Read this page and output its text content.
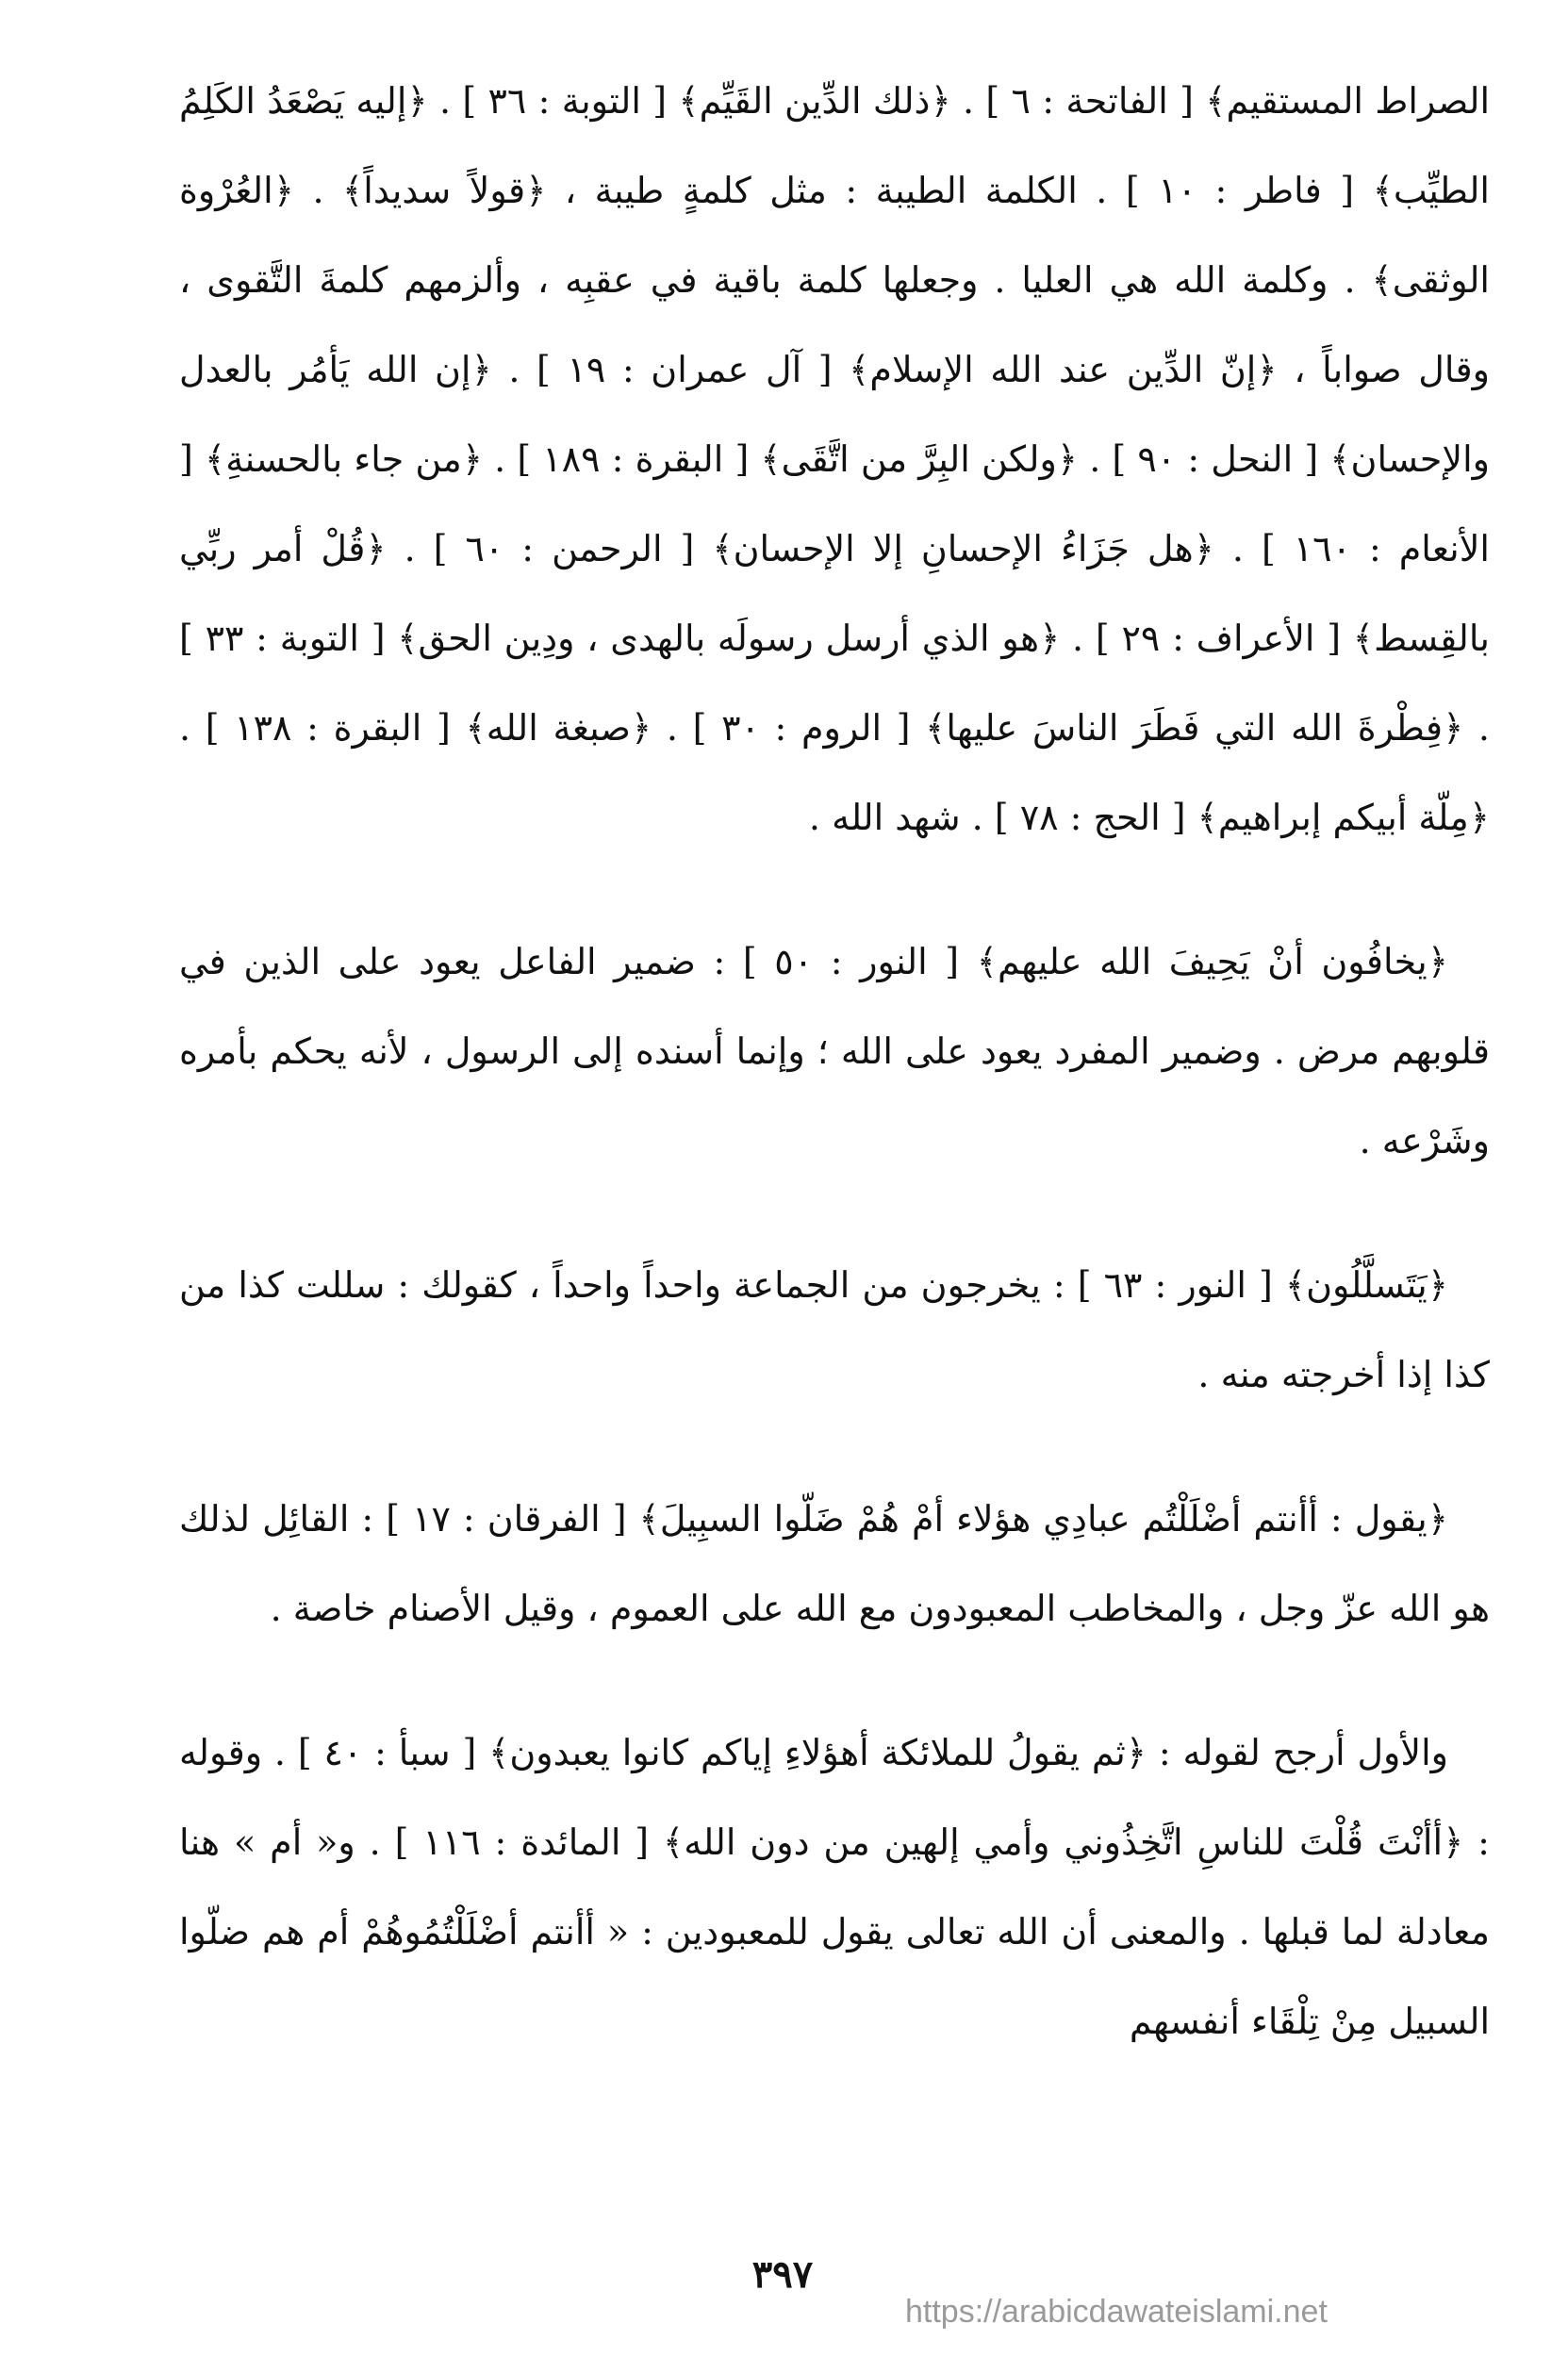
الصراط المستقيم﴾ [ الفاتحة : ٦ ] . ﴿ذلك الدِّين القَيِّم﴾ [ التوبة : ٣٦ ] . ﴿إليه يَصْعَدُ الكَلِمُ الطيِّب﴾ [ فاطر : ١٠ ] . الكلمة الطيبة : مثل كلمةٍ طيبة ، ﴿قولاً سديداً﴾ . ﴿العُرْوة الوثقى﴾ . وكلمة الله هي العليا . وجعلها كلمة باقية في عقبِه ، وألزمهم كلمةَ التَّقوى ، وقال صواباً ، ﴿إنّ الدِّين عند الله الإسلام﴾ [ آل عمران : ١٩ ] . ﴿إن الله يَأمُر بالعدل والإحسان﴾ [ النحل : ٩٠ ] . ﴿ولكن البِرَّ من اتَّقَى﴾ [ البقرة : ١٨٩ ] . ﴿من جاء بالحسنةِ﴾ [ الأنعام : ١٦٠ ] . ﴿هل جَزَاءُ الإحسانِ إلا الإحسان﴾ [ الرحمن : ٦٠ ] . ﴿قُلْ أمر ربِّي بالقِسط﴾ [ الأعراف : ٢٩ ] . ﴿هو الذي أرسل رسولَه بالهدى ، ودِين الحق﴾ [ التوبة : ٣٣ ] . ﴿فِطْرةَ الله التي فَطَرَ الناسَ عليها﴾ [ الروم : ٣٠ ] . ﴿صبغة الله﴾ [ البقرة : ١٣٨ ] . ﴿مِلّة أبيكم إبراهيم﴾ [ الحج : ٧٨ ] . شهد الله .

﴿يخافُون أنْ يَحِيفَ الله عليهم﴾ [ النور : ٥٠ ] : ضمير الفاعل يعود على الذين في قلوبهم مرض . وضمير المفرد يعود على الله ؛ وإنما أسنده إلى الرسول ، لأنه يحكم بأمره وشَرْعه .

﴿يَتَسلَّلُون﴾ [ النور : ٦٣ ] : يخرجون من الجماعة واحداً واحداً ، كقولك : سللت كذا من كذا إذا أخرجته منه .

﴿يقول : أأنتم أضْلَلْتُم عبادِي هؤلاء أمْ هُمْ ضَلّوا السبِيلَ﴾ [ الفرقان : ١٧ ] : القائِل لذلك هو الله عزّ وجل ، والمخاطب المعبودون مع الله على العموم ، وقيل الأصنام خاصة .

والأول أرجح لقوله : ﴿ثم يقولُ للملائكة أهؤلاءِ إياكم كانوا يعبدون﴾ [ سبأ : ٤٠ ] . وقوله : ﴿أأنْتَ قُلْتَ للناسِ اتَّخِذُوني وأمي إلهين من دون الله﴾ [ المائدة : ١١٦ ] . و« أم » هنا معادلة لما قبلها . والمعنى أن الله تعالى يقول للمعبودين : « أأنتم أضْلَلْتُمُوهُمْ أم هم ضلّوا السبيل مِنْ تِلْقَاء أنفسهم

٣٩٧
https://arabicdawateislami.net
